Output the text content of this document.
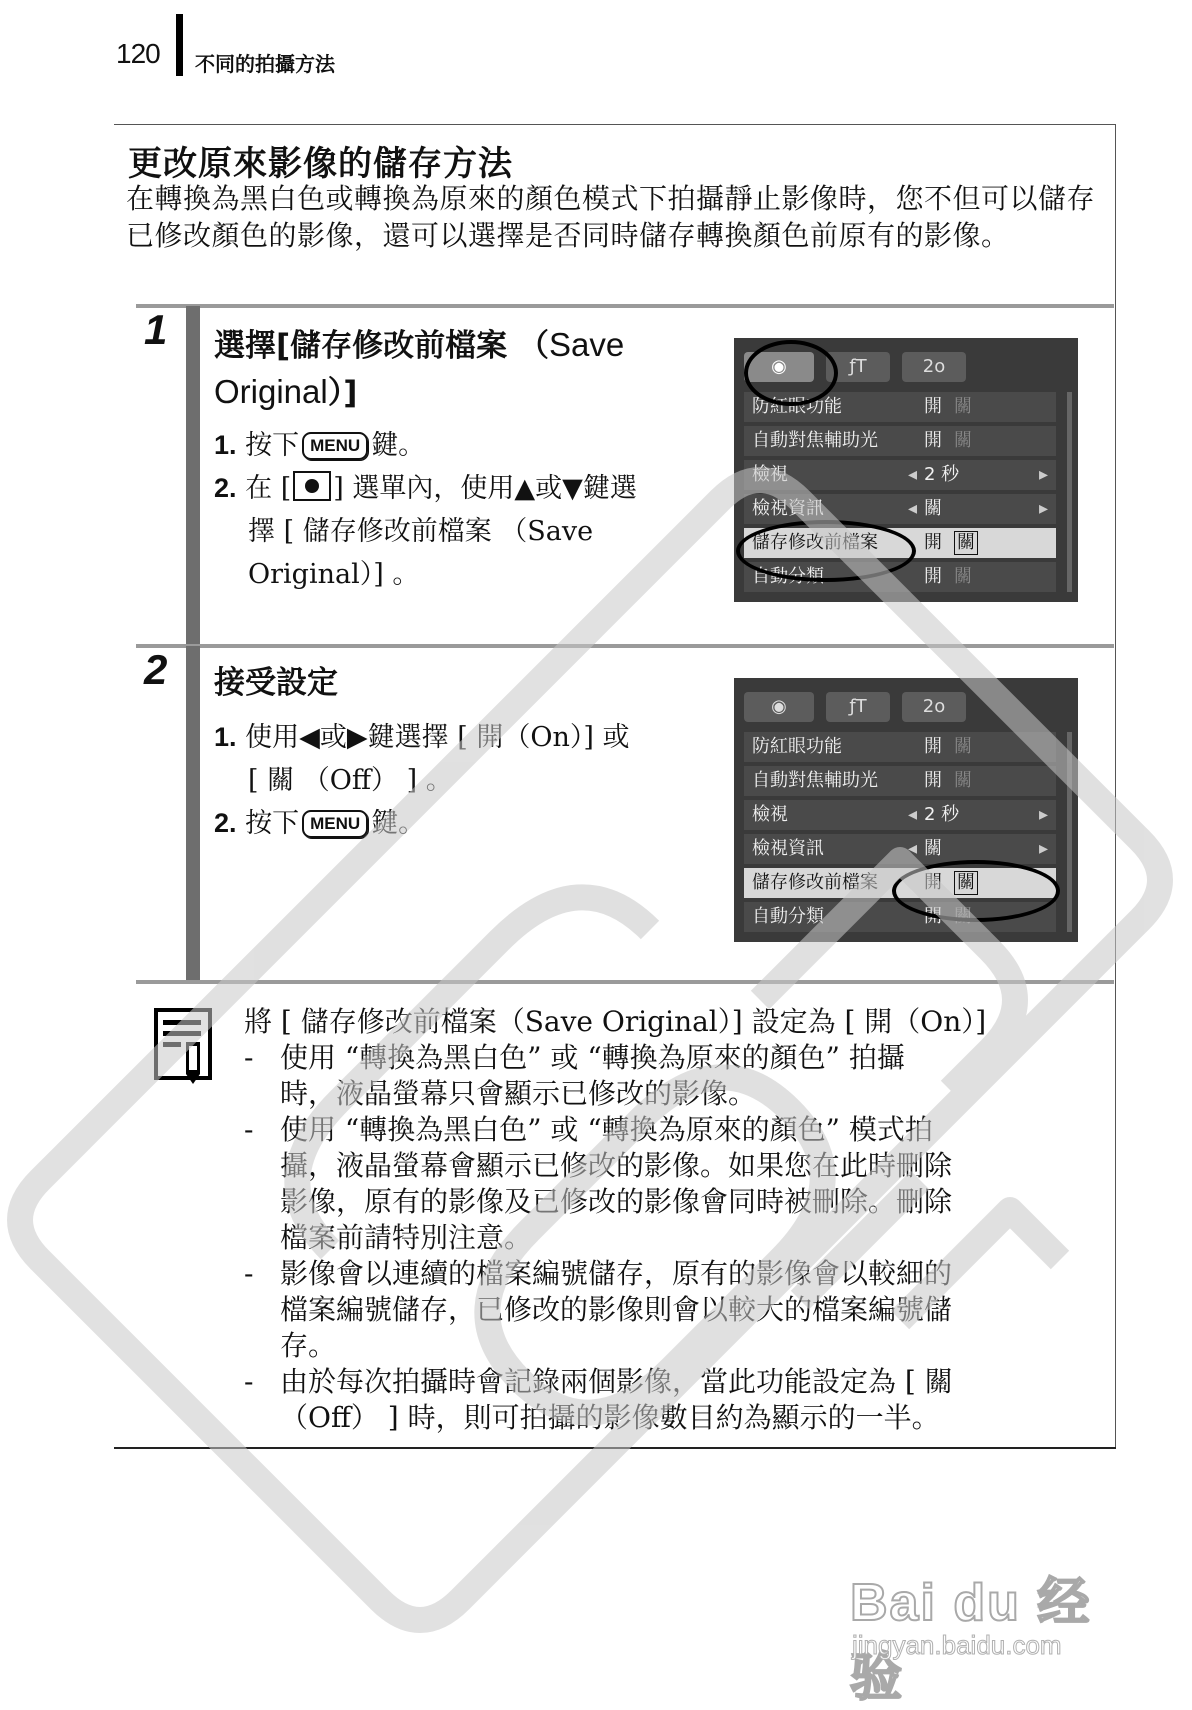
120 不同的拍攝方法
更改原來影像的儲存方法
在轉換為黑白色或轉換為原來的顏色模式下拍攝靜止影像時，您不但可以儲存已修改顏色的影像，還可以選擇是否同時儲存轉換顏色前原有的影像。
1 選擇[儲存修改前檔案 （Save
Original）]
1. 按下 MENU 鍵。
2. 在 [ ] 選單內，使用▲或▼鍵選
擇 [ 儲存修改前檔案 （Save
Original）] 。
◉	ƒT	2o
防紅眼功能	開 關
自動對焦輔助光	開 關
檢視	◂ 2 秒	▸
檢視資訊	◂ 關	▸
儲存修改前檔案	開 關
自動分類	開 關
2 接受設定
1. 使用◀或▶鍵選擇 [ 開（On）] 或
[ 關 （Off） ] 。
2. 按下 MENU 鍵。
◉	ƒT	2o
防紅眼功能	開 關
自動對焦輔助光	開 關
檢視	◂ 2 秒	▸
檢視資訊	◂ 關	▸
儲存修改前檔案	開 關
自動分類	開 關
將 [ 儲存修改前檔案（Save Original）] 設定為 [ 開（On）]
- 使用 “轉換為黑白色” 或 “轉換為原來的顏色” 拍攝
時，液晶螢幕只會顯示已修改的影像。
- 使用 “轉換為黑白色” 或 “轉換為原來的顏色” 模式拍
攝，液晶螢幕會顯示已修改的影像。如果您在此時刪除
影像，原有的影像及已修改的影像會同時被刪除。刪除
檔案前請特別注意。
- 影像會以連續的檔案編號儲存，原有的影像會以較細的
檔案編號儲存，已修改的影像則會以較大的檔案編號儲
存。
- 由於每次拍攝時會記錄兩個影像，當此功能設定為 [ 關
（Off） ] 時，則可拍攝的影像數目約為顯示的一半。
Bai du 经验
jingyan.baidu.com
